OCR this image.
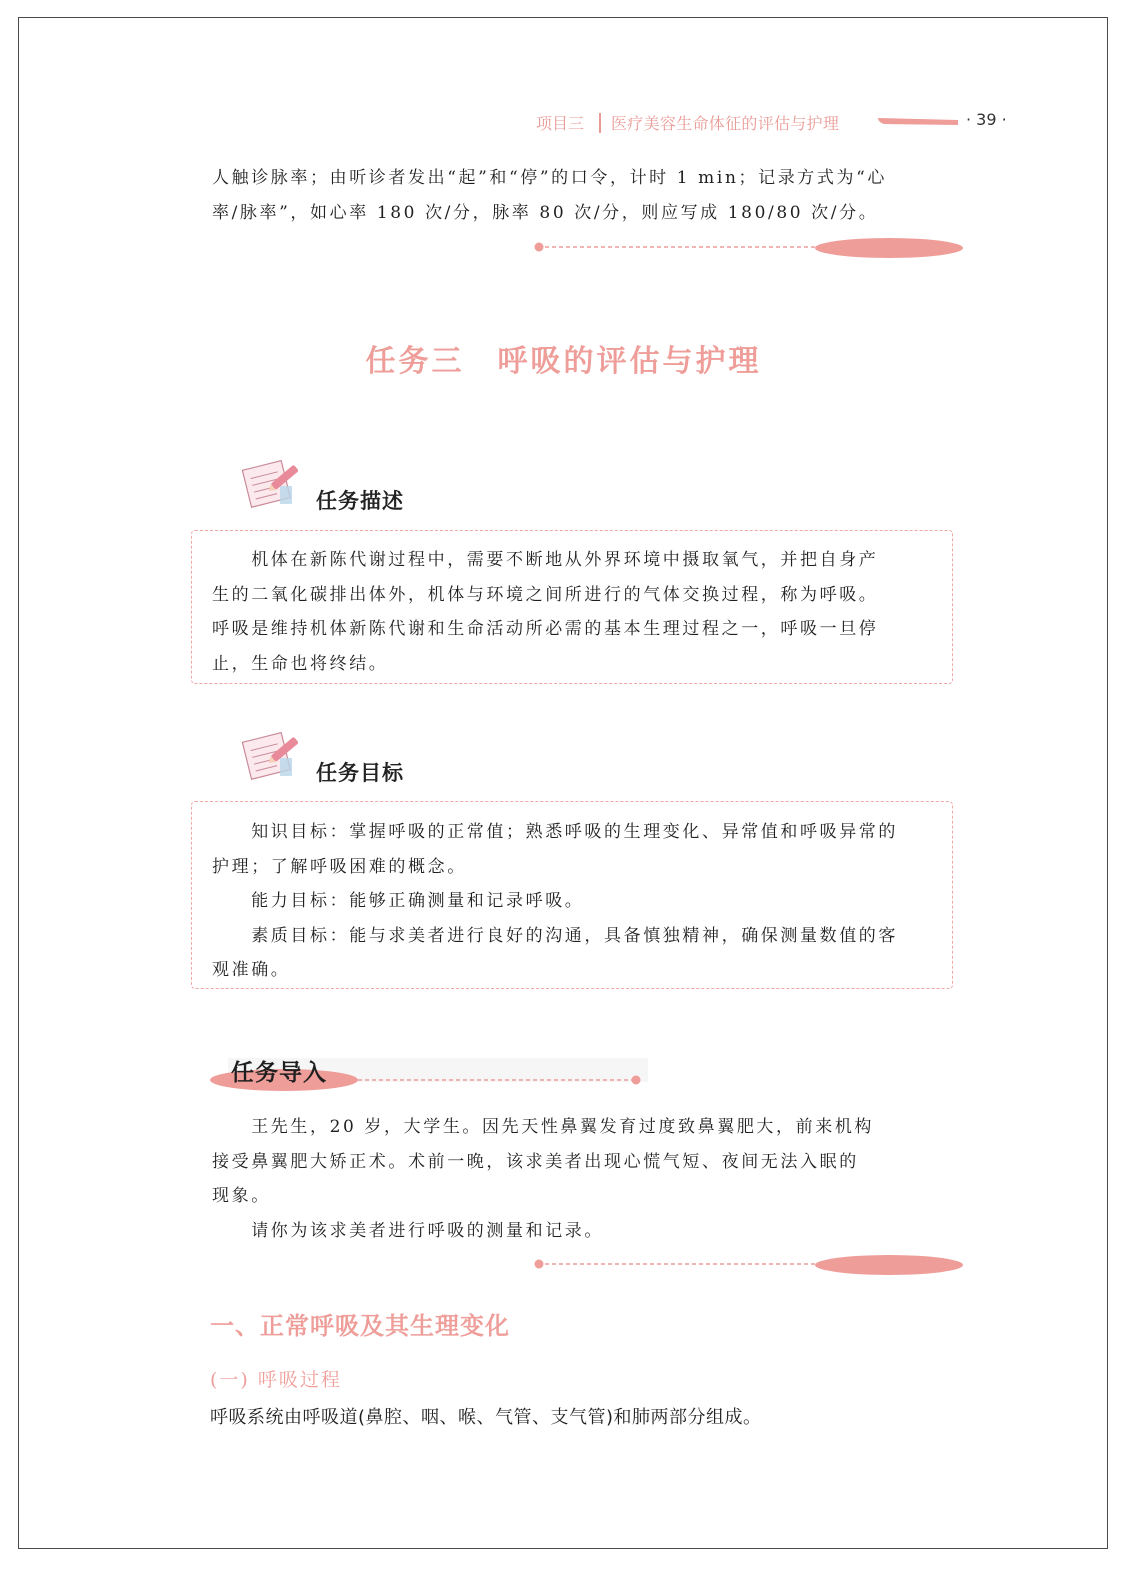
项目三 医疗美容生命体征的评估与护理	· 39 ·
人触诊脉率；由听诊者发出“起”和“停”的口令，计时 1 min；记录方式为“心
率/脉率”，如心率 180 次/分，脉率 80 次/分，则应写成 180/80 次/分。
任务三　呼吸的评估与护理
任务描述
　　机体在新陈代谢过程中，需要不断地从外界环境中摄取氧气，并把自身产
生的二氧化碳排出体外，机体与环境之间所进行的气体交换过程，称为呼吸。
呼吸是维持机体新陈代谢和生命活动所必需的基本生理过程之一，呼吸一旦停
止，生命也将终结。
任务目标
　　知识目标：掌握呼吸的正常值；熟悉呼吸的生理变化、异常值和呼吸异常的
护理；了解呼吸困难的概念。
　　能力目标：能够正确测量和记录呼吸。
　　素质目标：能与求美者进行良好的沟通，具备慎独精神，确保测量数值的客
观准确。
任务导入
　　王先生，20 岁，大学生。因先天性鼻翼发育过度致鼻翼肥大，前来机构
接受鼻翼肥大矫正术。术前一晚，该求美者出现心慌气短、夜间无法入眠的
现象。
　　请你为该求美者进行呼吸的测量和记录。
一、正常呼吸及其生理变化
(一) 呼吸过程
呼吸系统由呼吸道(鼻腔、咽、喉、气管、支气管)和肺两部分组成。
